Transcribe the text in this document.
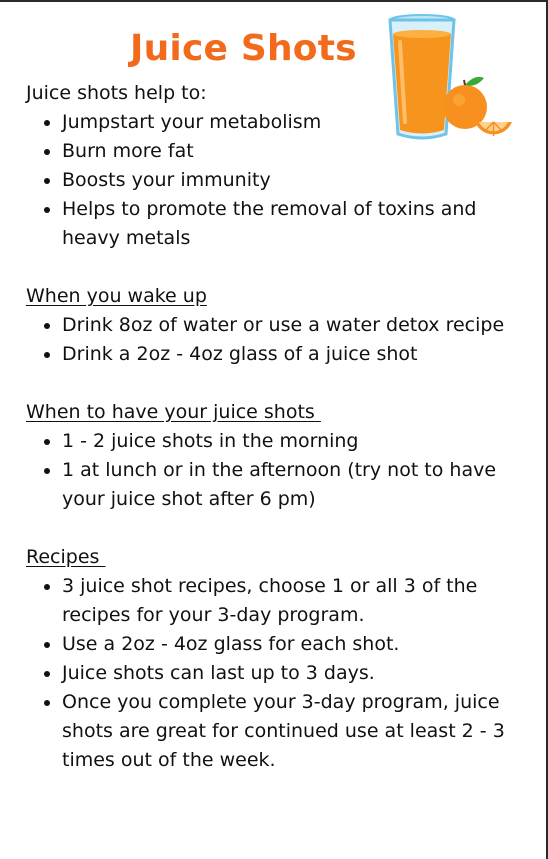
Juice Shots

Juice shots help to:

• Jumpstart your metabolism
• Burn more fat
• Boosts your immunity
• Helps to promote the removal of toxins and heavy metals

When you wake up

• Drink 8oz of water or use a water detox recipe
• Drink a 2oz - 4oz glass of a juice shot

When to have your juice shots

• 1 - 2 juice shots in the morning
• 1 at lunch or in the afternoon (try not to have your juice shot after 6 pm)

Recipes

• 3 juice shot recipes, choose 1 or all 3 of the recipes for your 3-day program.
• Use a 2oz - 4oz glass for each shot.
• Juice shots can last up to 3 days.
• Once you complete your 3-day program, juice shots are great for continued use at least 2 - 3 times out of the week.
